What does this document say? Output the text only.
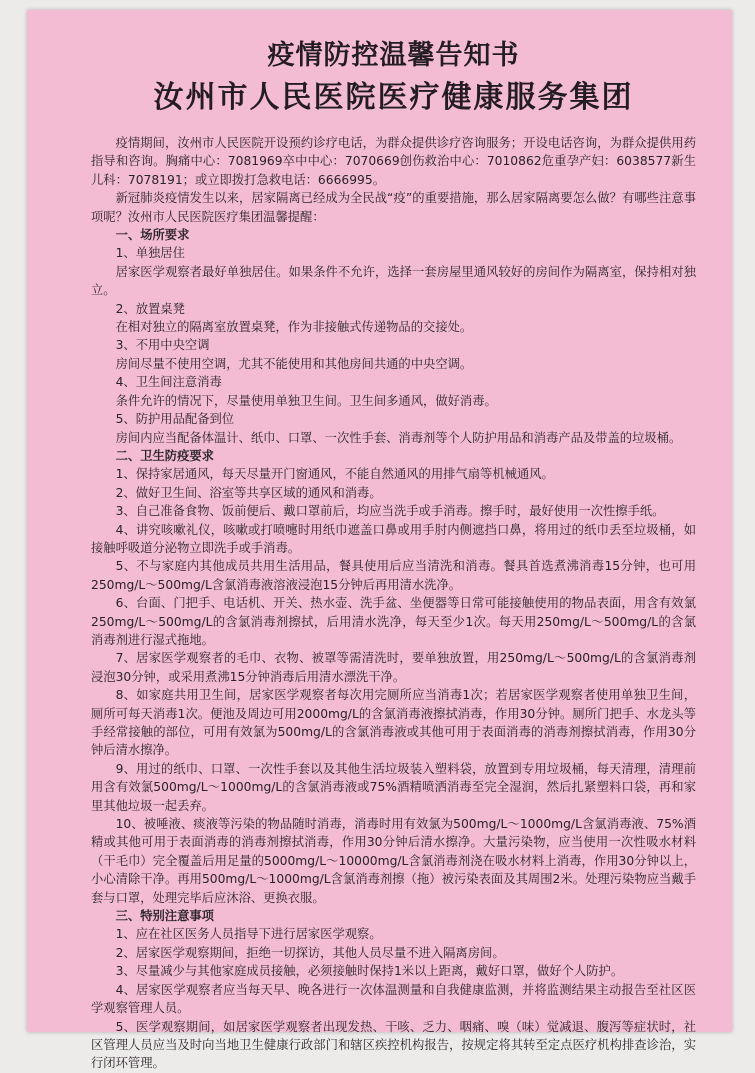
疫情防控温馨告知书
汝州市人民医院医疗健康服务集团

疫情期间，汝州市人民医院开设预约诊疗电话，为群众提供诊疗咨询服务；开设电话咨询，为群众提供用药指导和咨询。胸痛中心：7081969卒中中心：7070669创伤救治中心：7010862危重孕产妇：6038577新生儿科：7078191；或立即拨打急救电话：6666995。

新冠肺炎疫情发生以来，居家隔离已经成为全民战“疫”的重要措施，那么居家隔离要怎么做？有哪些注意事项呢？汝州市人民医院医疗集团温馨提醒：

一、场所要求

1、单独居住

居家医学观察者最好单独居住。如果条件不允许，选择一套房屋里通风较好的房间作为隔离室，保持相对独立。

2、放置桌凳

在相对独立的隔离室放置桌凳，作为非接触式传递物品的交接处。

3、不用中央空调

房间尽量不使用空调，尤其不能使用和其他房间共通的中央空调。

4、卫生间注意消毒

条件允许的情况下，尽量使用单独卫生间。卫生间多通风，做好消毒。

5、防护用品配备到位

房间内应当配备体温计、纸巾、口罩、一次性手套、消毒剂等个人防护用品和消毒产品及带盖的垃圾桶。

二、卫生防疫要求

1、保持家居通风，每天尽量开门窗通风，不能自然通风的用排气扇等机械通风。

2、做好卫生间、浴室等共享区域的通风和消毒。

3、自己准备食物、饭前便后、戴口罩前后，均应当洗手或手消毒。擦手时，最好使用一次性擦手纸。

4、讲究咳嗽礼仪，咳嗽或打喷嚏时用纸巾遮盖口鼻或用手肘内侧遮挡口鼻，将用过的纸巾丢至垃圾桶，如接触呼吸道分泌物立即洗手或手消毒。

5、不与家庭内其他成员共用生活用品，餐具使用后应当清洗和消毒。餐具首选煮沸消毒15分钟，也可用250mg/L～500mg/L含氯消毒液溶液浸泡15分钟后再用清水洗净。

6、台面、门把手、电话机、开关、热水壶、洗手盆、坐便器等日常可能接触使用的物品表面，用含有效氯250mg/L～500mg/L的含氯消毒剂擦拭，后用清水洗净，每天至少1次。每天用250mg/L～500mg/L的含氯消毒剂进行湿式拖地。

7、居家医学观察者的毛巾、衣物、被罩等需清洗时，要单独放置，用250mg/L～500mg/L的含氯消毒剂浸泡30分钟，或采用煮沸15分钟消毒后用清水漂洗干净。

8、如家庭共用卫生间，居家医学观察者每次用完厕所应当消毒1次；若居家医学观察者使用单独卫生间，厕所可每天消毒1次。便池及周边可用2000mg/L的含氯消毒液擦拭消毒，作用30分钟。厕所门把手、水龙头等手经常接触的部位，可用有效氯为500mg/L的含氯消毒液或其他可用于表面消毒的消毒剂擦拭消毒，作用30分钟后清水擦净。

9、用过的纸巾、口罩、一次性手套以及其他生活垃圾装入塑料袋，放置到专用垃圾桶，每天清理，清理前用含有效氯500mg/L～1000mg/L的含氯消毒液或75%酒精喷洒消毒至完全湿润，然后扎紧塑料口袋，再和家里其他垃圾一起丢弃。

10、被唾液、痰液等污染的物品随时消毒，消毒时用有效氯为500mg/L～1000mg/L含氯消毒液、75%酒精或其他可用于表面消毒的消毒剂擦拭消毒，作用30分钟后清水擦净。大量污染物，应当使用一次性吸水材料（干毛巾）完全覆盖后用足量的5000mg/L～10000mg/L含氯消毒剂浇在吸水材料上消毒，作用30分钟以上，小心清除干净。再用500mg/L～1000mg/L含氯消毒剂擦（拖）被污染表面及其周围2米。处理污染物应当戴手套与口罩，处理完毕后应沐浴、更换衣服。

三、特别注意事项

1、应在社区医务人员指导下进行居家医学观察。

2、居家医学观察期间，拒绝一切探访，其他人员尽量不进入隔离房间。

3、尽量减少与其他家庭成员接触，必须接触时保持1米以上距离，戴好口罩，做好个人防护。

4、居家医学观察者应当每天早、晚各进行一次体温测量和自我健康监测，并将监测结果主动报告至社区医学观察管理人员。

5、医学观察期间，如居家医学观察者出现发热、干咳、乏力、咽痛、嗅（味）觉减退、腹泻等症状时，社区管理人员应当及时向当地卫生健康行政部门和辖区疾控机构报告，按规定将其转至定点医疗机构排查诊治，实行闭环管理。
